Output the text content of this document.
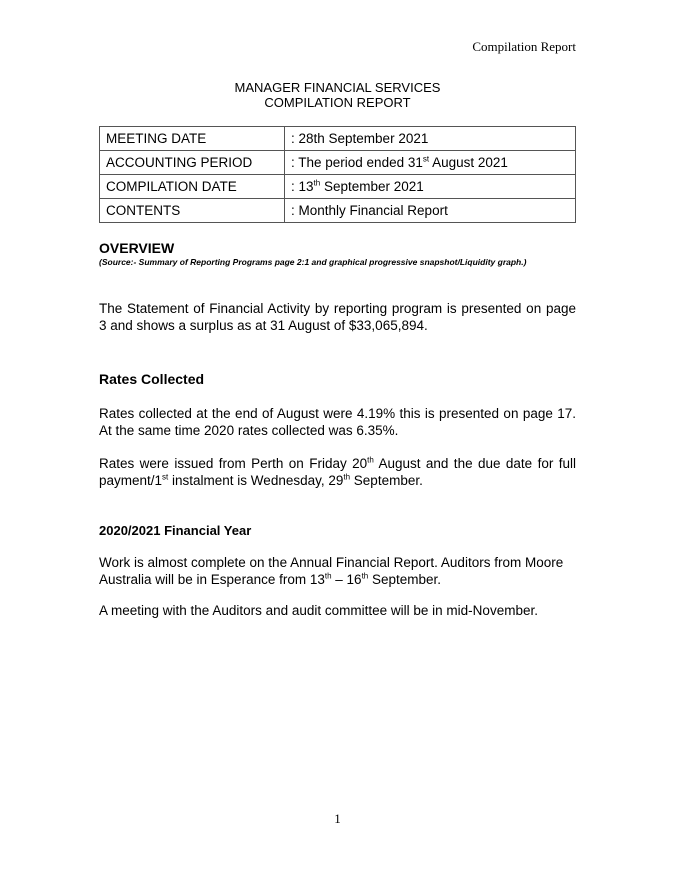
Compilation Report
MANAGER FINANCIAL SERVICES
COMPILATION REPORT
MEETING DATE	: 28th September 2021
ACCOUNTING PERIOD	: The period ended 31st August 2021
COMPILATION DATE	: 13th September 2021
CONTENTS	: Monthly Financial Report
OVERVIEW

(Source:- Summary of Reporting Programs page 2:1 and graphical progressive snapshot/Liquidity graph.)

The Statement of Financial Activity by reporting program is presented on page 3 and shows a surplus as at 31 August of $33,065,894.

Rates Collected

Rates collected at the end of August were 4.19% this is presented on page 17. At the same time 2020 rates collected was 6.35%.

Rates were issued from Perth on Friday 20th August and the due date for full payment/1st instalment is Wednesday, 29th September.

2020/2021 Financial Year

Work is almost complete on the Annual Financial Report. Auditors from Moore Australia will be in Esperance from 13th – 16th September.

A meeting with the Auditors and audit committee will be in mid-November.

1
